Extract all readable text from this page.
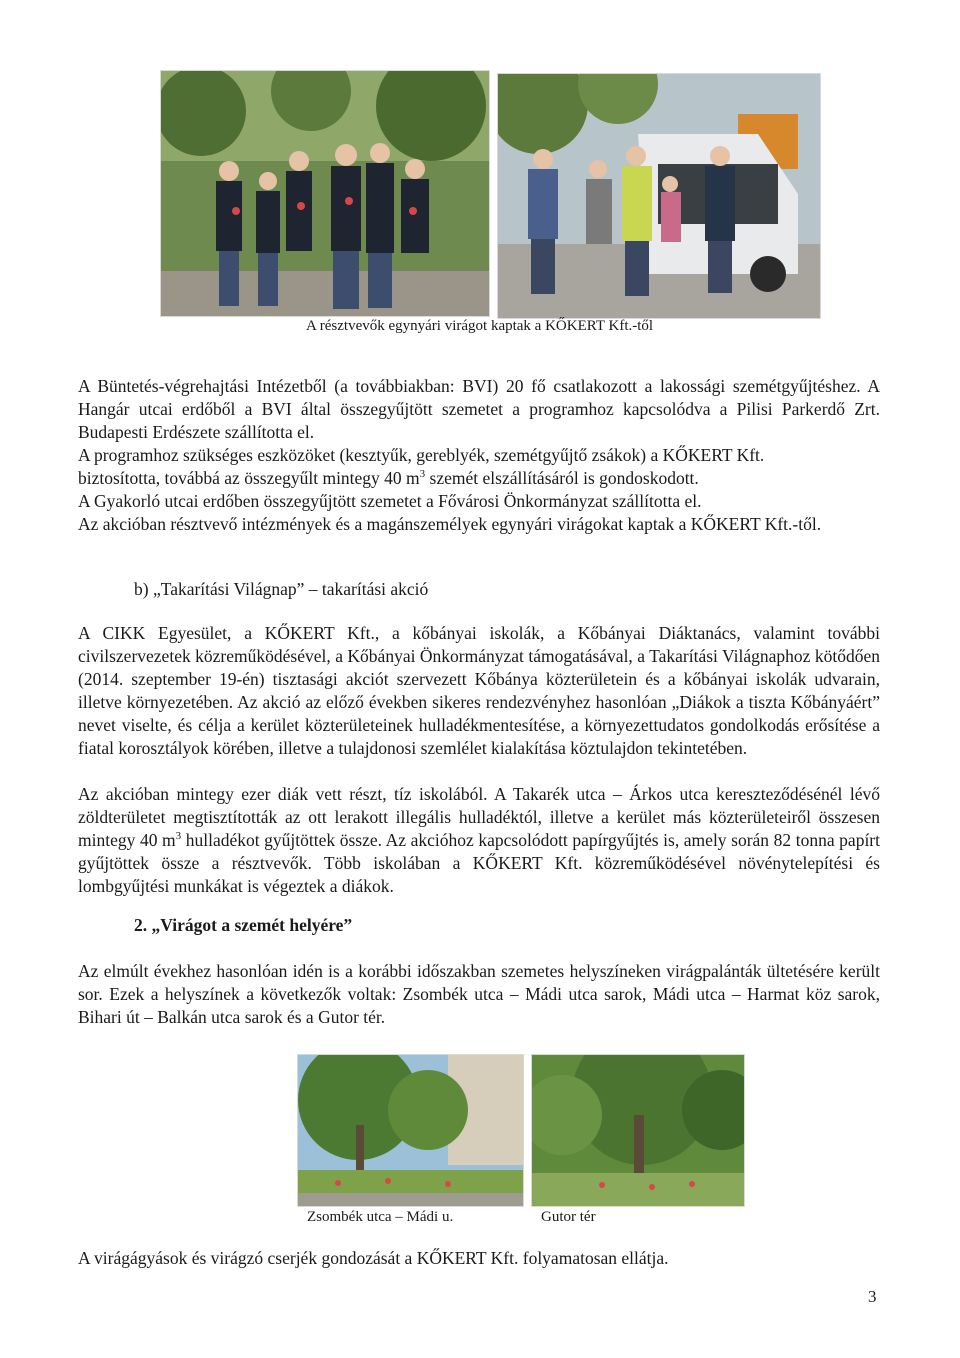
A résztvevők egynyári virágot kaptak a KŐKERT Kft.-től
A Büntetés-végrehajtási Intézetből (a továbbiakban: BVI) 20 fő csatlakozott a lakossági szemétgyűjtéshez. A Hangár utcai erdőből a BVI által összegyűjtött szemetet a programhoz kapcsolódva a Pilisi Parkerdő Zrt. Budapesti Erdészete szállította el.
A programhoz szükséges eszközöket (kesztyűk, gereblyék, szemétgyűjtő zsákok) a KŐKERT Kft.
biztosította, továbbá az összegyűlt mintegy 40 $m^3$ szemét elszállításáról is gondoskodott.
A Gyakorló utcai erdőben összegyűjtött szemetet a Fővárosi Önkormányzat szállította el.
Az akcióban résztvevő intézmények és a magánszemélyek egynyári virágokat kaptak a KŐKERT Kft.-től.
b) „Takarítási Világnap” – takarítási akció
A CIKK Egyesület, a KŐKERT Kft., a kőbányai iskolák, a Kőbányai Diáktanács, valamint további civilszervezetek közreműködésével, a Kőbányai Önkormányzat támogatásával, a Takarítási Világnaphoz kötődően (2014. szeptember 19-én) tisztasági akciót szervezett Kőbánya közterületein és a kőbányai iskolák udvarain, illetve környezetében. Az akció az előző években sikeres rendezvényhez hasonlóan „Diákok a tiszta Kőbányáért” nevet viselte, és célja a kerület közterületeinek hulladékmentesítése, a környezettudatos gondolkodás erősítése a fiatal korosztályok körében, illetve a tulajdonosi szemlélet kialakítása köztulajdon tekintetében.
Az akcióban mintegy ezer diák vett részt, tíz iskolából. A Takarék utca – Árkos utca kereszteződésénél lévő zöldterületet megtisztították az ott lerakott illegális hulladéktól, illetve a kerület más közterületeiről összesen mintegy 40 $m^3$ hulladékot gyűjtöttek össze. Az akcióhoz kapcsolódott papírgyűjtés is, amely során 82 tonna papírt gyűjtöttek össze a résztvevők. Több iskolában a KŐKERT Kft. közreműködésével növénytelepítési és lombgyűjtési munkákat is végeztek a diákok.
2. „Virágot a szemét helyére”
Az elmúlt évekhez hasonlóan idén is a korábbi időszakban szemetes helyszíneken virágpalánták ültetésére került sor. Ezek a helyszínek a következők voltak: Zsombék utca – Mádi utca sarok, Mádi utca – Harmat köz sarok, Bihari út – Balkán utca sarok és a Gutor tér.
Zsombék utca – Mádi u.	Gutor tér
A virágágyások és virágzó cserjék gondozását a KŐKERT Kft. folyamatosan ellátja.
3
